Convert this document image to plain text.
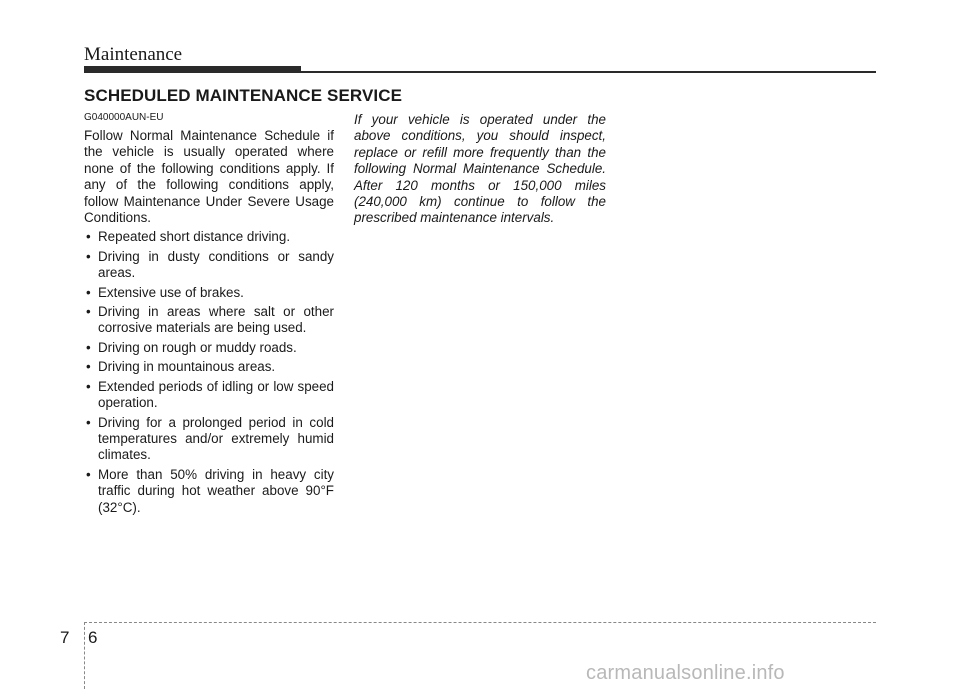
Maintenance
SCHEDULED MAINTENANCE SERVICE
G040000AUN-EU

Follow Normal Maintenance Schedule if the vehicle is usually operated where none of the following conditions apply. If any of the following conditions apply, follow Maintenance Under Severe Usage Conditions.

• Repeated short distance driving.
• Driving in dusty conditions or sandy areas.
• Extensive use of brakes.
• Driving in areas where salt or other corrosive materials are being used.
• Driving on rough or muddy roads.
• Driving in mountainous areas.
• Extended periods of idling or low speed operation.
• Driving for a prolonged period in cold temperatures and/or extremely humid climates.
• More than 50% driving in heavy city traffic during hot weather above 90°F (32°C).

If your vehicle is operated under the above conditions, you should inspect, replace or refill more frequently than the following Normal Maintenance Schedule. After 120 months or 150,000 miles (240,000 km) continue to follow the prescribed maintenance intervals.

7 6
carmanualsonline.info
